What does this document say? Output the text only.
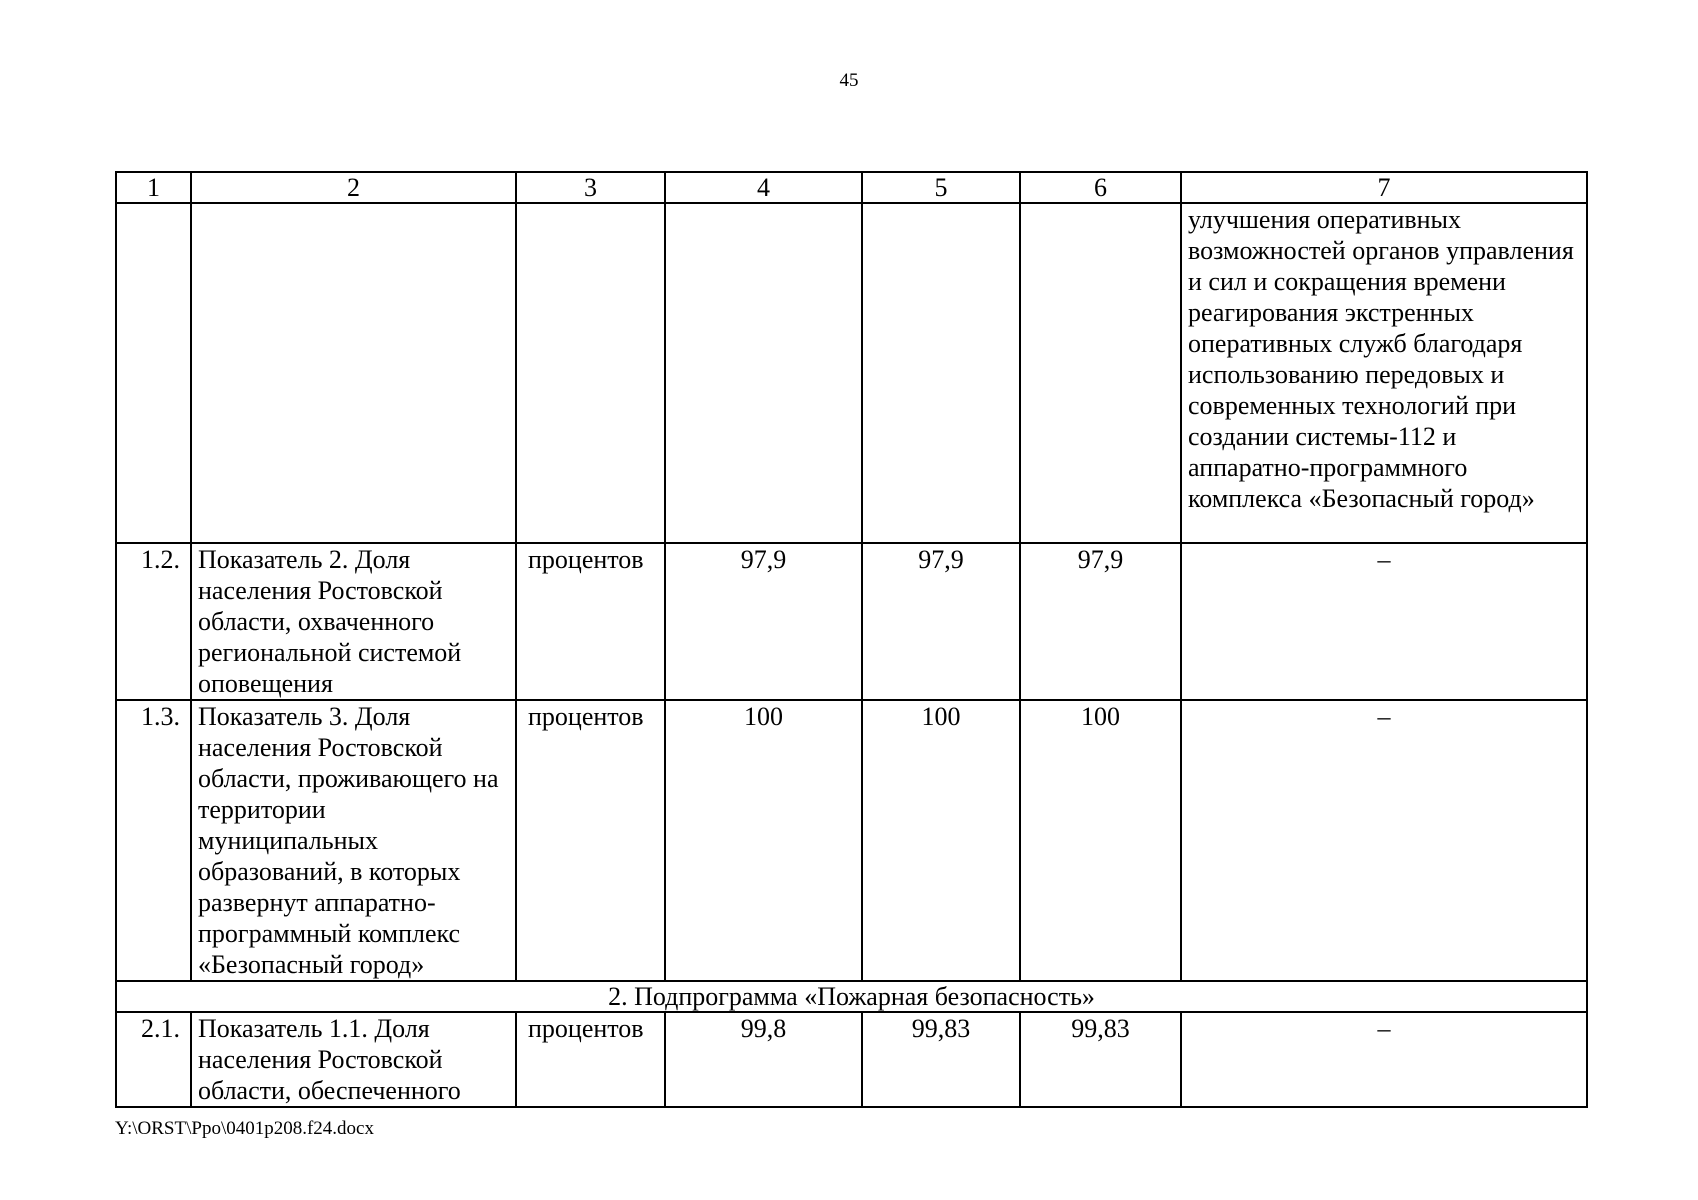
45
1	2	3	4	5	6	7
						улучшения оперативных возможностей органов управления и сил и сокращения времени реагирования экстренных оперативных служб благодаря использованию передовых и современных технологий при создании системы-112 и аппаратно-программного комплекса «Безопасный город»
1.2.	Показатель 2. Доля населения Ростовской области, охваченного региональной системой оповещения	процентов	97,9	97,9	97,9	–
1.3.	Показатель 3. Доля населения Ростовской области, проживающего на территории муниципальных образований, в которых развернут аппаратно-программный комплекс «Безопасный город»	процентов	100	100	100	–
2. Подпрограмма «Пожарная безопасность»						
2.1.	Показатель 1.1. Доля населения Ростовской области, обеспеченного	процентов	99,8	99,83	99,83	–
Y:\ORST\Ppo\0401p208.f24.docx
